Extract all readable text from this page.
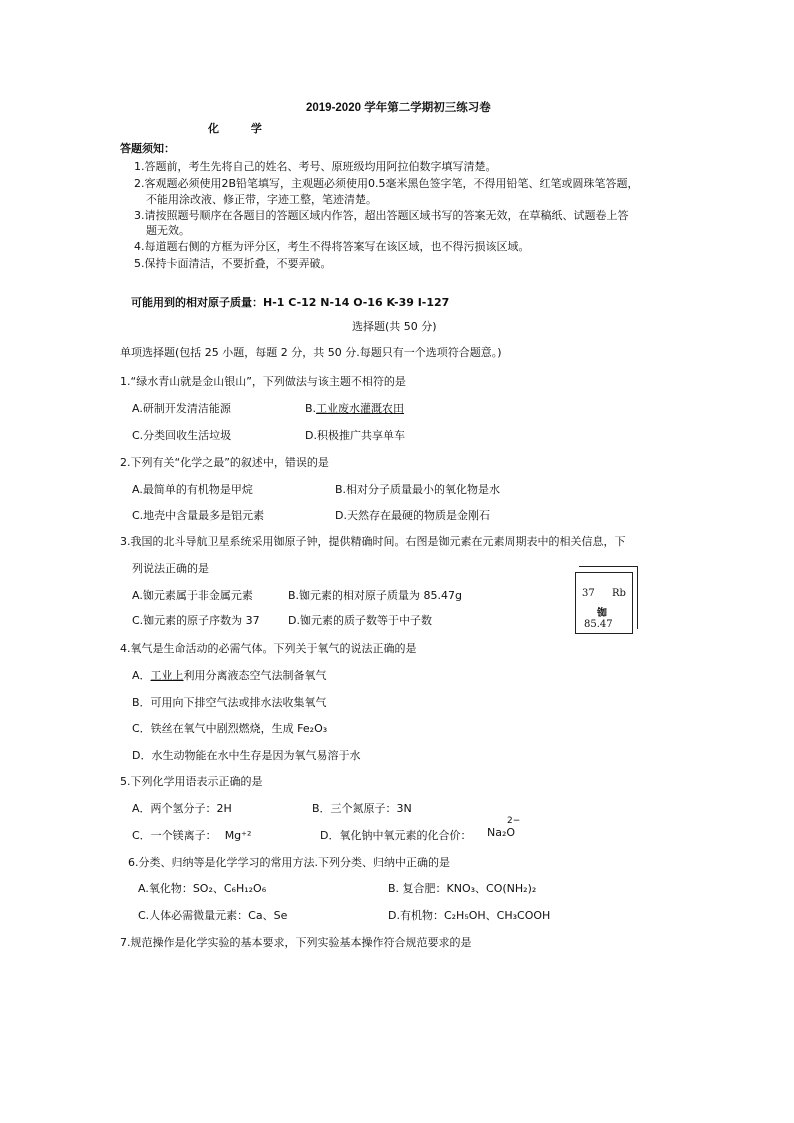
2019-2020 学年第二学期初三练习卷
化 学
答题须知：
1.答题前，考生先将自己的姓名、考号、原班级均用阿拉伯数字填写清楚。
2.客观题必须使用2B铅笔填写，主观题必须使用0.5毫米黑色签字笔，不得用铅笔、红笔或圆珠笔答题，
不能用涂改液、修正带，字迹工整，笔迹清楚。
3.请按照题号顺序在各题目的答题区域内作答，超出答题区域书写的答案无效，在草稿纸、试题卷上答
题无效。
4.每道题右侧的方框为评分区，考生不得将答案写在该区域，也不得污损该区域。
5.保持卡面清洁，不要折叠，不要弄破。
可能用到的相对原子质量：H-1 C-12 N-14 O-16 K-39 I-127
选择题(共 50 分)
单项选择题(包括 25 小题，每题 2 分，共 50 分.每题只有一个选项符合题意。)
1.“绿水青山就是金山银山”，下列做法与该主题不相符的是
A.研制开发清洁能源	B.工业废水灌溉农田
C.分类回收生活垃圾	D.积极推广共享单车
2.下列有关“化学之最”的叙述中，错误的是
A.最简单的有机物是甲烷	B.相对分子质量最小的氧化物是水
C.地壳中含量最多是铝元素	D.天然存在最硬的物质是金刚石
3.我国的北斗导航卫星系统采用铷原子钟，提供精确时间。右图是铷元素在元素周期表中的相关信息，下
列说法正确的是
A.铷元素属于非金属元素	B.铷元素的相对原子质量为 85.47g
C.铷元素的原子序数为 37	D.铷元素的质子数等于中子数
37 Rb
铷
85.47
4.氧气是生命活动的必需气体。下列关于氧气的说法正确的是
A．工业上利用分离液态空气法制备氧气
B．可用向下排空气法或排水法收集氧气
C．铁丝在氧气中剧烈燃烧，生成 Fe₂O₃
D．水生动物能在水中生存是因为氧气易溶于水
5.下列化学用语表示正确的是
A．两个氢分子：2H	B．三个氮原子：3N
C．一个镁离子： Mg⁺²	D．氧化钠中氧元素的化合价： Na₂O
2−
6.分类、归纳等是化学学习的常用方法.下列分类、归纳中正确的是
A.氧化物：SO₂、C₆H₁₂O₆	B. 复合肥：KNO₃、CO(NH₂)₂
C.人体必需微量元素：Ca、Se	D.有机物：C₂H₅OH、CH₃COOH
7.规范操作是化学实验的基本要求，下列实验基本操作符合规范要求的是
